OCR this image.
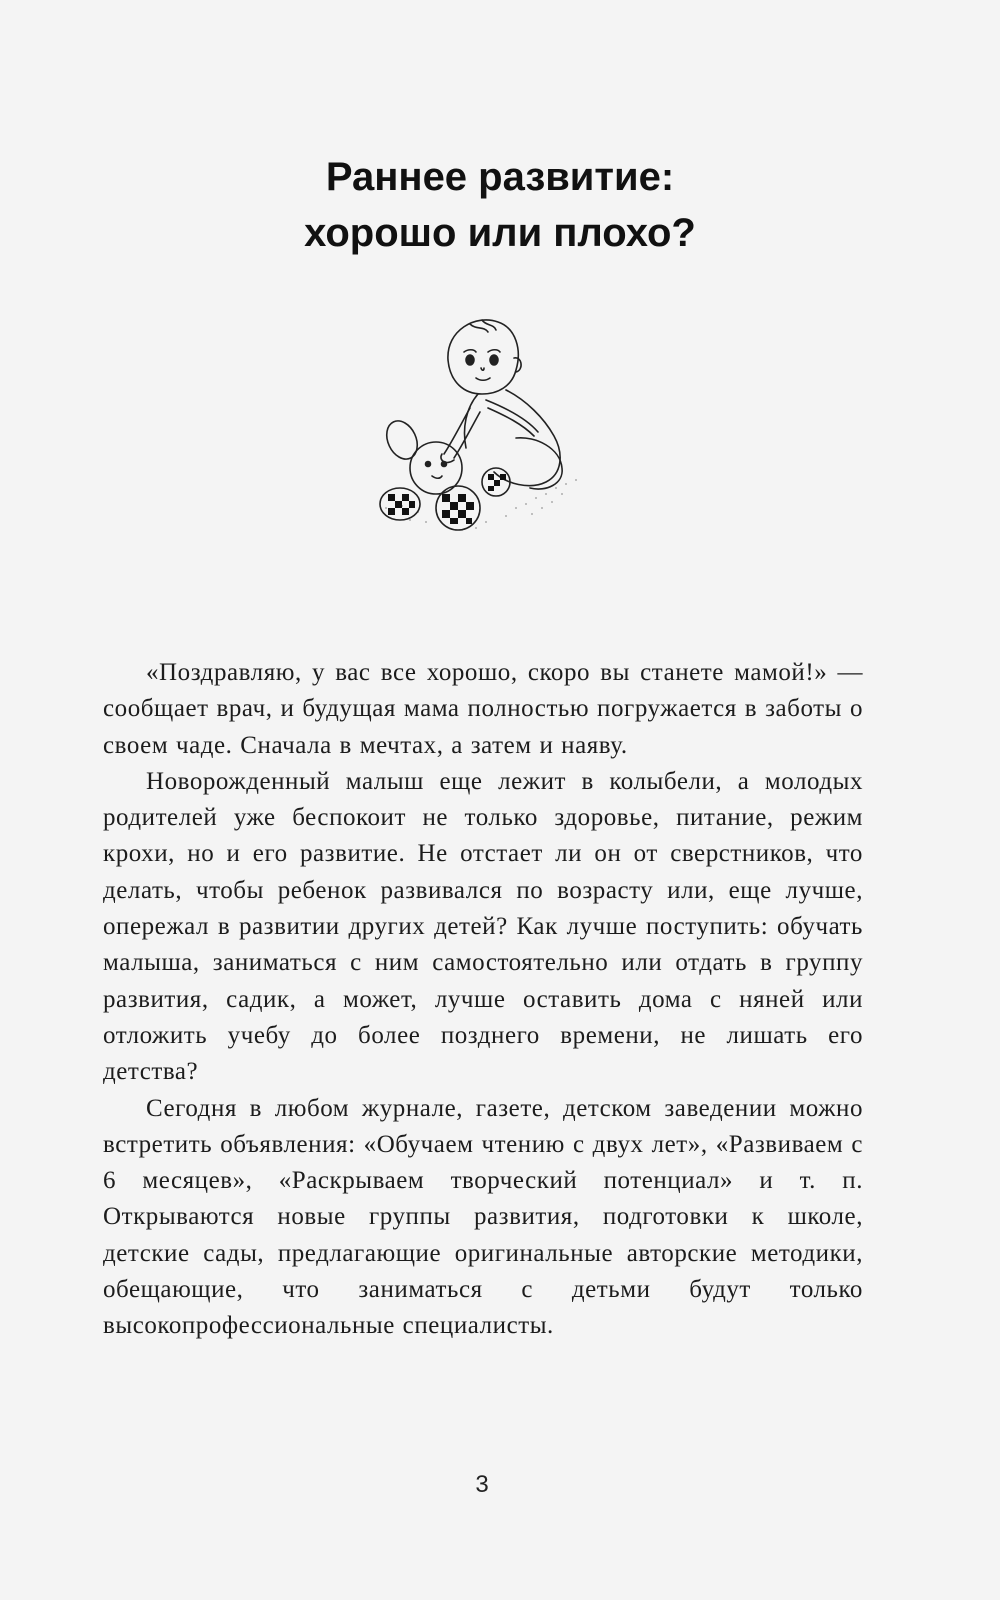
Раннее развитие:
хорошо или плохо?

«Поздравляю, у вас все хорошо, скоро вы станете мамой!» — сообщает врач, и будущая мама полностью погружается в заботы о своем чаде. Сначала в мечтах, а затем и наяву.

Новорожденный малыш еще лежит в колыбели, а молодых родителей уже беспокоит не только здоровье, питание, режим крохи, но и его развитие. Не отстает ли он от сверстников, что делать, чтобы ребенок развивался по возрасту или, еще лучше, опережал в развитии других детей? Как лучше поступить: обучать малыша, заниматься с ним самостоятельно или отдать в группу развития, садик, а может, лучше оставить дома с няней или отложить учебу до более позднего времени, не лишать его детства?

Сегодня в любом журнале, газете, детском заведении можно встретить объявления: «Обучаем чтению с двух лет», «Развиваем с 6 месяцев», «Раскрываем творческий потенциал» и т. п. Открываются новые группы развития, подготовки к школе, детские сады, предлагающие оригинальные авторские методики, обещающие, что заниматься с детьми будут только высокопрофессиональные специалисты.

3
